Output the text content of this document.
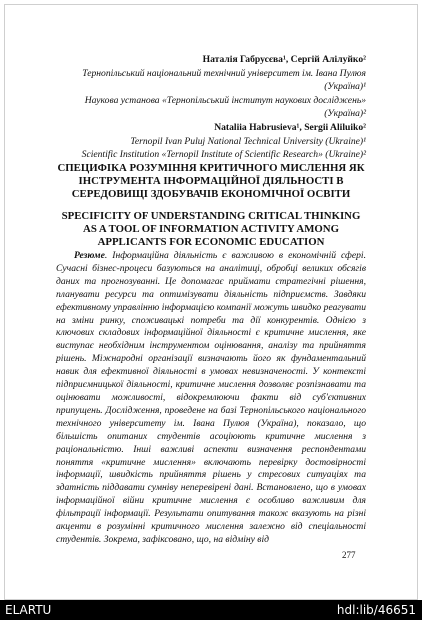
Наталія Габрусєва¹, Сергій Алілуйко²
Тернопільський національний технічний університет ім. Івана Пулюя (Україна)¹
Наукова установа «Тернопільський інститут наукових досліджень» (Україна)²
Nataliia Habrusieva¹, Sergii Aliluiko²
Ternopil Ivan Puluj National Technical University (Ukraine)¹
Scientific Institution «Ternopil Institute of Scientific Research» (Ukraine)²
СПЕЦИФІКА РОЗУМІННЯ КРИТИЧНОГО МИСЛЕННЯ ЯК ІНСТРУМЕНТА ІНФОРМАЦІЙНОЇ ДІЯЛЬНОСТІ В СЕРЕДОВИЩІ ЗДОБУВАЧІВ ЕКОНОМІЧНОЇ ОСВІТИ
SPECIFICITY OF UNDERSTANDING CRITICAL THINKING AS A TOOL OF INFORMATION ACTIVITY AMONG APPLICANTS FOR ECONOMIC EDUCATION
Резюме. Інформаційна діяльність є важливою в економічній сфері. Сучасні бізнес-процеси базуються на аналітиці, обробці великих обсягів даних та прогнозуванні. Це допомагає приймати стратегічні рішення, планувати ресурси та оптимізувати діяльність підприємств. Завдяки ефективному управлінню інформацією компанії можуть швидко реагувати на зміни ринку, споживацькі потреби та дії конкурентів. Однією з ключових складових інформаційної діяльності є критичне мислення, яке виступає необхідним інструментом оцінювання, аналізу та прийняття рішень. Міжнародні організації визначають його як фундаментальний навик для ефективної діяльності в умовах невизначеності. У контексті підприємницької діяльності, критичне мислення дозволяє розпізнавати та оцінювати можливості, відокремлюючи факти від суб'єктивних припущень. Дослідження, проведене на базі Тернопільського національного технічного університету ім. Івана Пулюя (Україна), показало, що більшість опитаних студентів асоціюють критичне мислення з раціональністю. Інші важливі аспекти визначення респондентами поняття «критичне мислення» включають перевірку достовірності інформації, швидкість прийняття рішень у стресових ситуаціях та здатність піддавати сумніву неперевірені дані. Встановлено, що в умовах інформаційної війни критичне мислення є особливо важливим для фільтрації інформації. Результати опитування також вказують на різні акценти в розумінні критичного мислення залежно від спеціальності студентів. Зокрема, зафіксовано, що, на відміну від
277
ELARTU	hdl:lib/46651
